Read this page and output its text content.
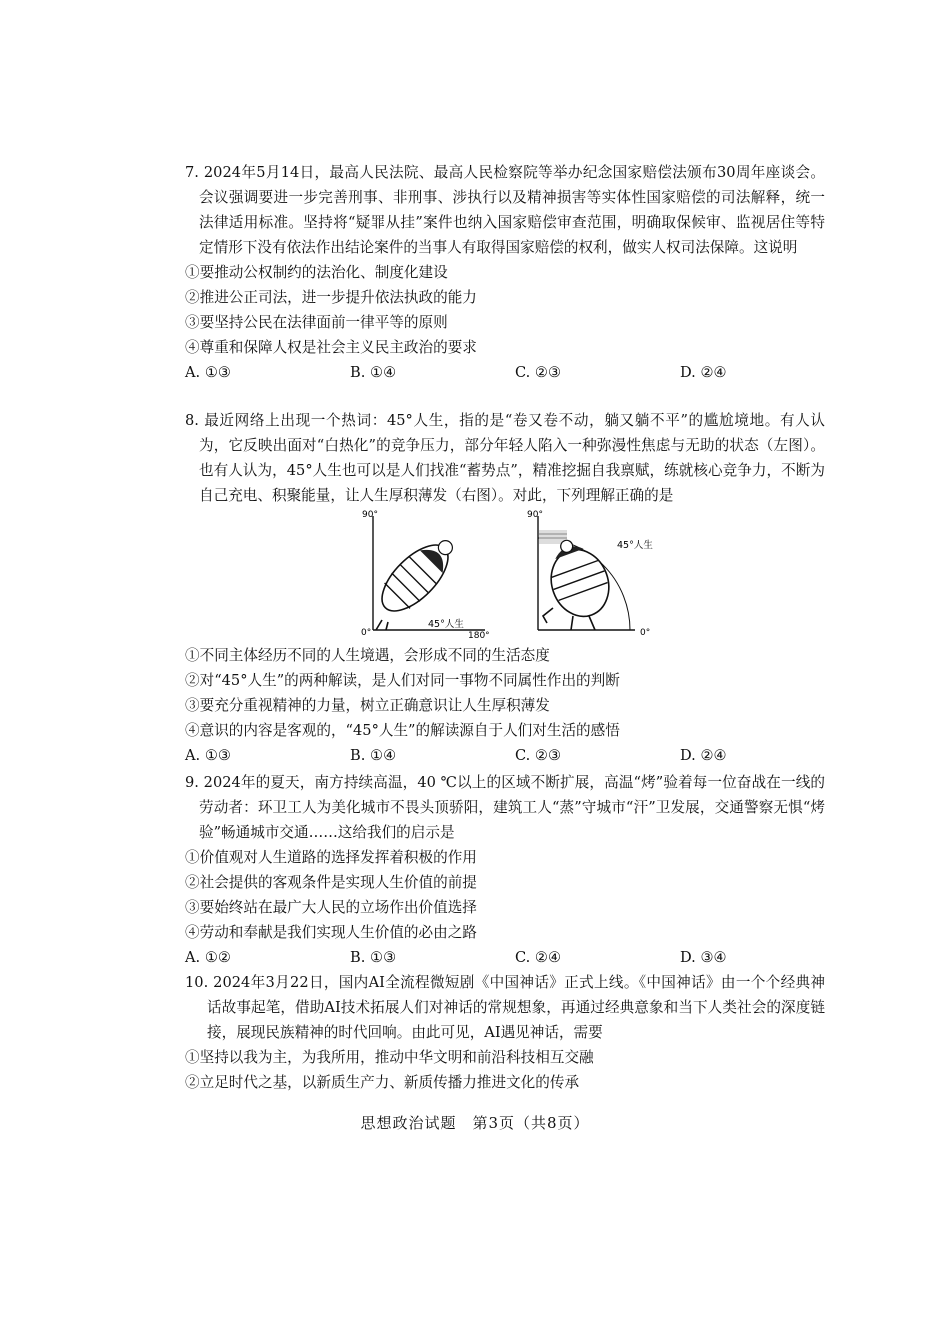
7. 2024年5月14日，最高人民法院、最高人民检察院等举办纪念国家赔偿法颁布30周年座谈会。会议强调要进一步完善刑事、非刑事、涉执行以及精神损害等实体性国家赔偿的司法解释，统一法律适用标准。坚持将“疑罪从挂”案件也纳入国家赔偿审查范围，明确取保候审、监视居住等特定情形下没有依法作出结论案件的当事人有取得国家赔偿的权利，做实人权司法保障。这说明
①要推动公权制约的法治化、制度化建设
②推进公正司法，进一步提升依法执政的能力
③要坚持公民在法律面前一律平等的原则
④尊重和保障人权是社会主义民主政治的要求
A. ①③	B. ①④	C. ②③	D. ②④
8. 最近网络上出现一个热词：45°人生，指的是“卷又卷不动，躺又躺不平”的尴尬境地。有人认为，它反映出面对“白热化”的竞争压力，部分年轻人陷入一种弥漫性焦虑与无助的状态（左图）。也有人认为，45°人生也可以是人们找准“蓄势点”，精准挖掘自我禀赋，练就核心竞争力，不断为自己充电、积聚能量，让人生厚积薄发（右图）。对此，下列理解正确的是
90°
0°	180°
45°人生
90°
0°
45°人生
①不同主体经历不同的人生境遇，会形成不同的生活态度
②对“45°人生”的两种解读，是人们对同一事物不同属性作出的判断
③要充分重视精神的力量，树立正确意识让人生厚积薄发
④意识的内容是客观的，“45°人生”的解读源自于人们对生活的感悟
A. ①③	B. ①④	C. ②③	D. ②④
9. 2024年的夏天，南方持续高温，40 ℃以上的区域不断扩展，高温“烤”验着每一位奋战在一线的劳动者：环卫工人为美化城市不畏头顶骄阳，建筑工人“蒸”守城市“汗”卫发展，交通警察无惧“烤验”畅通城市交通……这给我们的启示是
①价值观对人生道路的选择发挥着积极的作用
②社会提供的客观条件是实现人生价值的前提
③要始终站在最广大人民的立场作出价值选择
④劳动和奉献是我们实现人生价值的必由之路
A. ①②	B. ①③	C. ②④	D. ③④
10. 2024年3月22日，国内AI全流程微短剧《中国神话》正式上线。《中国神话》由一个个经典神话故事起笔，借助AI技术拓展人们对神话的常规想象，再通过经典意象和当下人类社会的深度链接，展现民族精神的时代回响。由此可见，AI遇见神话，需要
①坚持以我为主，为我所用，推动中华文明和前沿科技相互交融
②立足时代之基，以新质生产力、新质传播力推进文化的传承
思想政治试题　第3页（共8页）
